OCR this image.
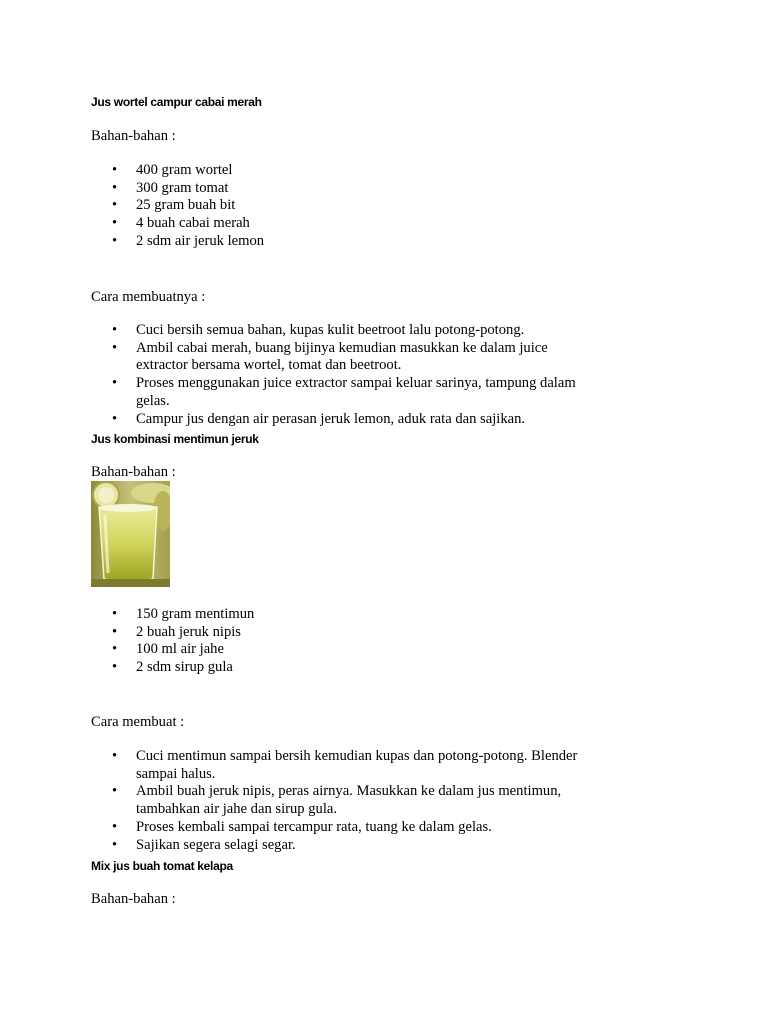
Jus wortel campur cabai merah

Bahan-bahan :

• 400 gram wortel
• 300 gram tomat
• 25 gram buah bit
• 4 buah cabai merah
• 2 sdm air jeruk lemon

Cara membuatnya :

• Cuci bersih semua bahan, kupas kulit beetroot lalu potong-potong.
• Ambil cabai merah, buang bijinya kemudian masukkan ke dalam juice extractor bersama wortel, tomat dan beetroot.
• Proses menggunakan juice extractor sampai keluar sarinya, tampung dalam gelas.
• Campur jus dengan air perasan jeruk lemon, aduk rata dan sajikan.
Jus kombinasi mentimun jeruk

Bahan-bahan :

• 150 gram mentimun
• 2 buah jeruk nipis
• 100 ml air jahe
• 2 sdm sirup gula

Cara membuat :

• Cuci mentimun sampai bersih kemudian kupas dan potong-potong. Blender sampai halus.
• Ambil buah jeruk nipis, peras airnya. Masukkan ke dalam jus mentimun, tambahkan air jahe dan sirup gula.
• Proses kembali sampai tercampur rata, tuang ke dalam gelas.
• Sajikan segera selagi segar.
Mix jus buah tomat kelapa

Bahan-bahan :
